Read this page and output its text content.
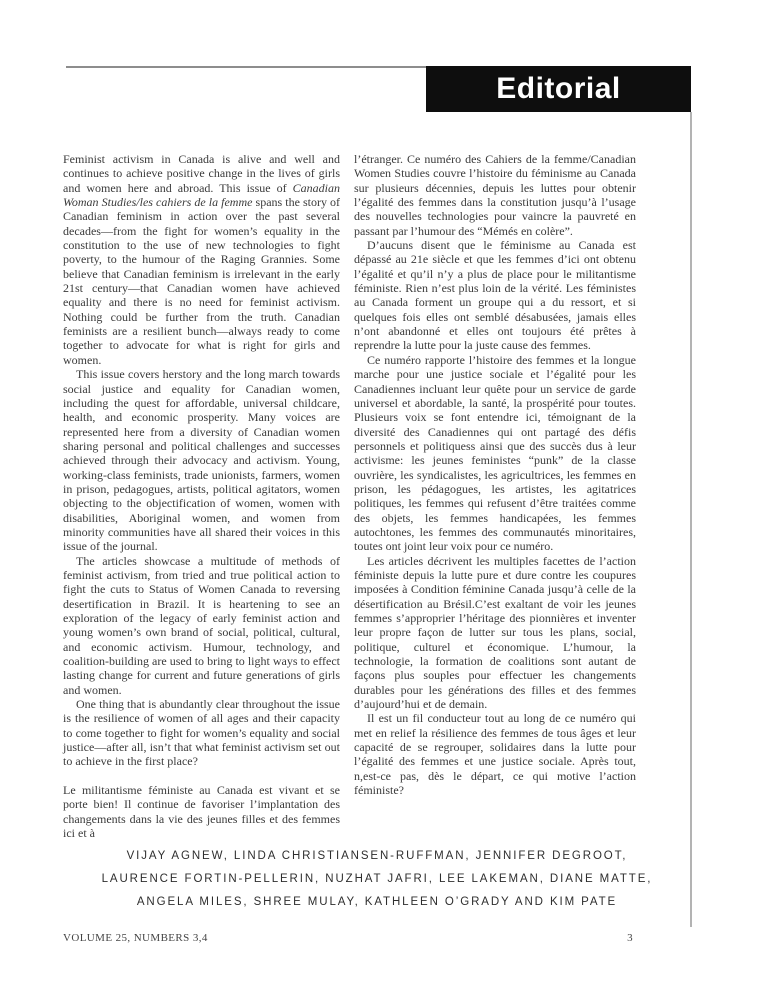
Editorial

Feminist activism in Canada is alive and well and continues to achieve positive change in the lives of girls and women here and abroad. This issue of Canadian Woman Studies/les cahiers de la femme spans the story of Canadian feminism in action over the past several decades—from the fight for women’s equality in the constitution to the use of new technologies to fight poverty, to the humour of the Raging Grannies. Some believe that Canadian feminism is irrelevant in the early 21st century—that Canadian women have achieved equality and there is no need for feminist activism. Nothing could be further from the truth. Canadian feminists are a resilient bunch—always ready to come together to advocate for what is right for girls and women.

This issue covers herstory and the long march towards social justice and equality for Canadian women, including the quest for affordable, universal childcare, health, and economic prosperity. Many voices are represented here from a diversity of Canadian women sharing personal and political challenges and successes achieved through their advocacy and activism. Young, working-class feminists, trade unionists, farmers, women in prison, pedagogues, artists, political agitators, women objecting to the objectification of women, women with disabilities, Aboriginal women, and women from minority communities have all shared their voices in this issue of the journal.

The articles showcase a multitude of methods of feminist activism, from tried and true political action to fight the cuts to Status of Women Canada to reversing desertification in Brazil. It is heartening to see an exploration of the legacy of early feminist action and young women’s own brand of social, political, cultural, and economic activism. Humour, technology, and coalition-building are used to bring to light ways to effect lasting change for current and future generations of girls and women.

One thing that is abundantly clear throughout the issue is the resilience of women of all ages and their capacity to come together to fight for women’s equality and social justice—after all, isn’t that what feminist activism set out to achieve in the first place?

Le militantisme féministe au Canada est vivant et se porte bien! Il continue de favoriser l’implantation des changements dans la vie des jeunes filles et des femmes ici et à

l’étranger. Ce numéro des Cahiers de la femme/Canadian Women Studies couvre l’histoire du féminisme au Canada sur plusieurs décennies, depuis les luttes pour obtenir l’égalité des femmes dans la constitution jusqu’à l’usage des nouvelles technologies pour vaincre la pauvreté en passant par l’humour des “Mémés en colère”.

D’aucuns disent que le féminisme au Canada est dépassé au 21e siècle et que les femmes d’ici ont obtenu l’égalité et qu’il n’y a plus de place pour le militantisme féministe. Rien n’est plus loin de la vérité. Les féministes au Canada forment un groupe qui a du ressort, et si quelques fois elles ont semblé désabusées, jamais elles n’ont abandonné et elles ont toujours été prêtes à reprendre la lutte pour la juste cause des femmes.

Ce numéro rapporte l’histoire des femmes et la longue marche pour une justice sociale et l’égalité pour les Canadiennes incluant leur quête pour un service de garde universel et abordable, la santé, la prospérité pour toutes. Plusieurs voix se font entendre ici, témoignant de la diversité des Canadiennes qui ont partagé des défis personnels et politiquess ainsi que des succès dus à leur activisme: les jeunes feministes “punk” de la classe ouvrière, les syndicalistes, les agricultrices, les femmes en prison, les pédagogues, les artistes, les agitatrices politiques, les femmes qui refusent d’être traitées comme des objets, les femmes handicapées, les femmes autochtones, les femmes des communautés minoritaires, toutes ont joint leur voix pour ce numéro.

Les articles décrivent les multiples facettes de l’action féministe depuis la lutte pure et dure contre les coupures imposées à Condition féminine Canada jusqu’à celle de la désertification au Brésil.C’est exaltant de voir les jeunes femmes s’approprier l’héritage des pionnières et inventer leur propre façon de lutter sur tous les plans, social, politique, culturel et économique. L’humour, la technologie, la formation de coalitions sont autant de façons plus souples pour effectuer les changements durables pour les générations des filles et des femmes d’aujourd’hui et de demain.

Il est un fil conducteur tout au long de ce numéro qui met en relief la résilience des femmes de tous âges et leur capacité de se regrouper, solidaires dans la lutte pour l’égalité des femmes et une justice sociale. Après tout, n,est-ce pas, dès le départ, ce qui motive l’action féministe?

VIJAY AGNEW, LINDA CHRISTIANSEN-RUFFMAN, JENNIFER DEGROOT,
LAURENCE FORTIN-PELLERIN, NUZHAT JAFRI, LEE LAKEMAN, DIANE MATTE,
ANGELA MILES, SHREE MULAY, KATHLEEN O’GRADY AND KIM PATE
VOLUME 25, NUMBERS 3,4	3
